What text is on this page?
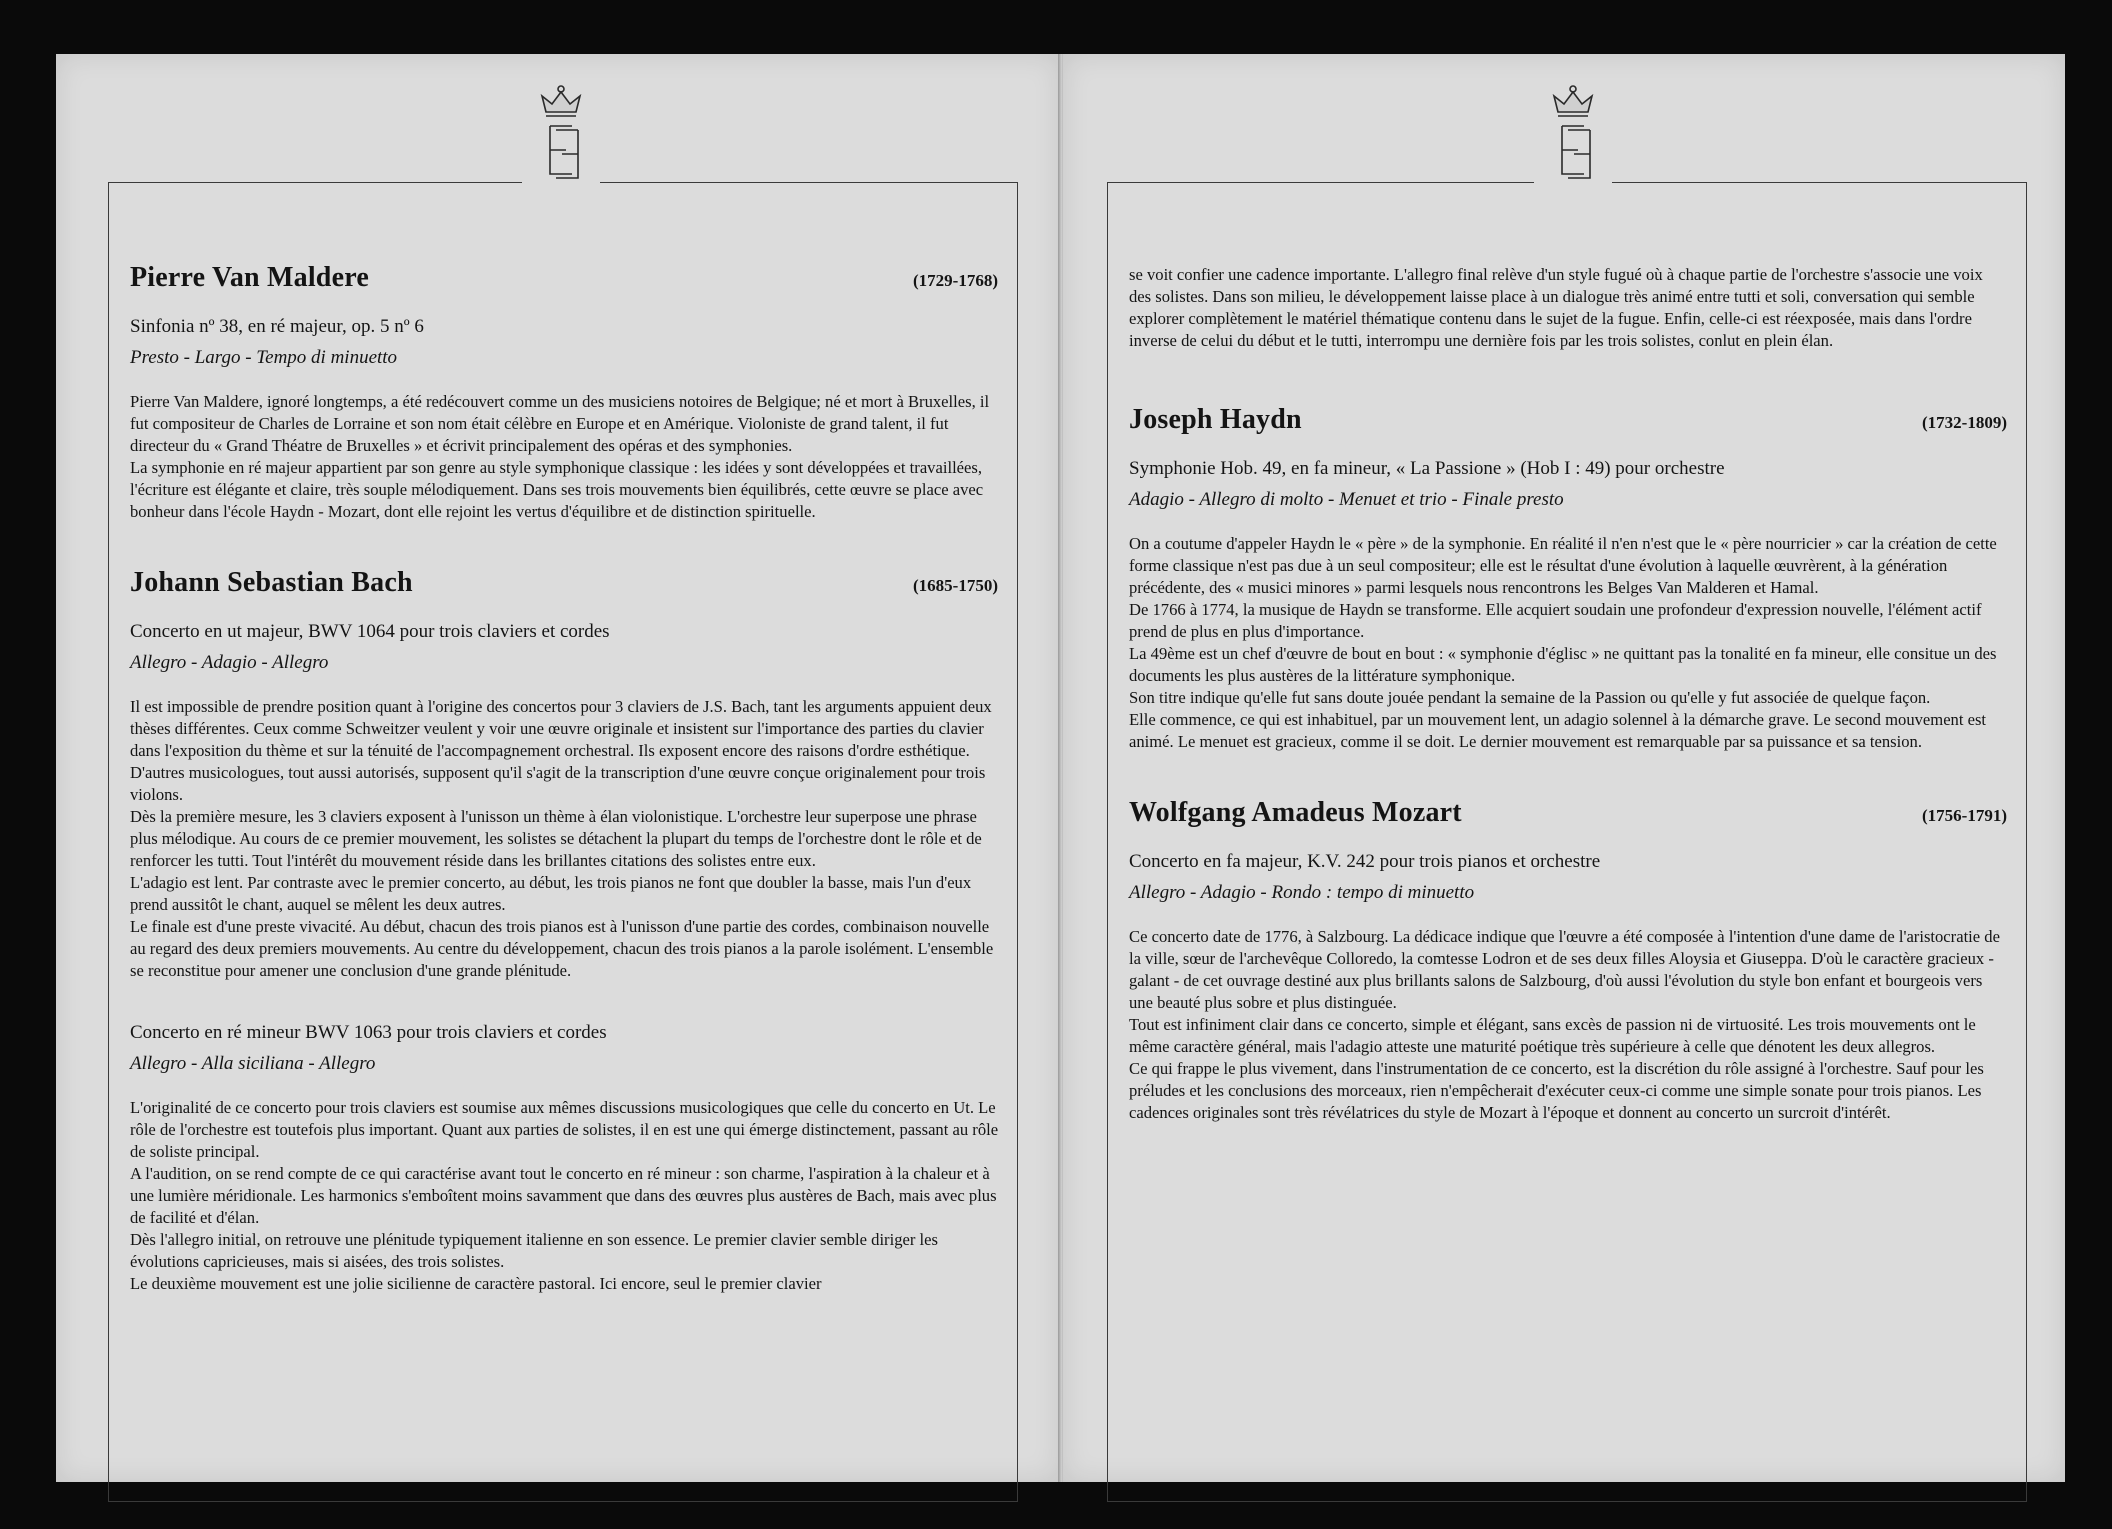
Pierre Van Maldere	(1729-1768)
Sinfonia nº 38, en ré majeur, op. 5 nº 6
Presto - Largo - Tempo di minuetto

Pierre Van Maldere, ignoré longtemps, a été redécouvert comme un des musiciens notoires de Belgique; né et mort à Bruxelles, il fut compositeur de Charles de Lorraine et son nom était célèbre en Europe et en Amérique. Violoniste de grand talent, il fut directeur du « Grand Théatre de Bruxelles » et écrivit principalement des opéras et des symphonies.

La symphonie en ré majeur appartient par son genre au style symphonique classique : les idées y sont développées et travaillées, l'écriture est élégante et claire, très souple mélodiquement. Dans ses trois mouvements bien équilibrés, cette œuvre se place avec bonheur dans l'école Haydn - Mozart, dont elle rejoint les vertus d'équilibre et de distinction spirituelle.

Johann Sebastian Bach	(1685-1750)
Concerto en ut majeur, BWV 1064 pour trois claviers et cordes
Allegro - Adagio - Allegro

Il est impossible de prendre position quant à l'origine des concertos pour 3 claviers de J.S. Bach, tant les arguments appuient deux thèses différentes. Ceux comme Schweitzer veulent y voir une œuvre originale et insistent sur l'importance des parties du clavier dans l'exposition du thème et sur la ténuité de l'accompagnement orchestral. Ils exposent encore des raisons d'ordre esthétique. D'autres musicologues, tout aussi autorisés, supposent qu'il s'agit de la transcription d'une œuvre conçue originalement pour trois violons.

Dès la première mesure, les 3 claviers exposent à l'unisson un thème à élan violonistique. L'orchestre leur superpose une phrase plus mélodique. Au cours de ce premier mouvement, les solistes se détachent la plupart du temps de l'orchestre dont le rôle et de renforcer les tutti. Tout l'intérêt du mouvement réside dans les brillantes citations des solistes entre eux.

L'adagio est lent. Par contraste avec le premier concerto, au début, les trois pianos ne font que doubler la basse, mais l'un d'eux prend aussitôt le chant, auquel se mêlent les deux autres.

Le finale est d'une preste vivacité. Au début, chacun des trois pianos est à l'unisson d'une partie des cordes, combinaison nouvelle au regard des deux premiers mouvements. Au centre du développement, chacun des trois pianos a la parole isolément. L'ensemble se reconstitue pour amener une conclusion d'une grande plénitude.

Concerto en ré mineur BWV 1063 pour trois claviers et cordes
Allegro - Alla siciliana - Allegro

L'originalité de ce concerto pour trois claviers est soumise aux mêmes discussions musicologiques que celle du concerto en Ut. Le rôle de l'orchestre est toutefois plus important. Quant aux parties de solistes, il en est une qui émerge distinctement, passant au rôle de soliste principal.

A l'audition, on se rend compte de ce qui caractérise avant tout le concerto en ré mineur : son charme, l'aspiration à la chaleur et à une lumière méridionale. Les harmonics s'emboîtent moins savamment que dans des œuvres plus austères de Bach, mais avec plus de facilité et d'élan.

Dès l'allegro initial, on retrouve une plénitude typiquement italienne en son essence. Le premier clavier semble diriger les évolutions capricieuses, mais si aisées, des trois solistes.

Le deuxième mouvement est une jolie sicilienne de caractère pastoral. Ici encore, seul le premier clavier

se voit confier une cadence importante. L'allegro final relève d'un style fugué où à chaque partie de l'orchestre s'associe une voix des solistes. Dans son milieu, le développement laisse place à un dialogue très animé entre tutti et soli, conversation qui semble explorer complètement le matériel thématique contenu dans le sujet de la fugue. Enfin, celle-ci est réexposée, mais dans l'ordre inverse de celui du début et le tutti, interrompu une dernière fois par les trois solistes, conlut en plein élan.

Joseph Haydn	(1732-1809)
Symphonie Hob. 49, en fa mineur, « La Passione » (Hob I : 49) pour orchestre
Adagio - Allegro di molto - Menuet et trio - Finale presto

On a coutume d'appeler Haydn le « père » de la symphonie. En réalité il n'en n'est que le « père nourricier » car la création de cette forme classique n'est pas due à un seul compositeur; elle est le résultat d'une évolution à laquelle œuvrèrent, à la génération précédente, des « musici minores » parmi lesquels nous rencontrons les Belges Van Malderen et Hamal.

De 1766 à 1774, la musique de Haydn se transforme. Elle acquiert soudain une profondeur d'expression nouvelle, l'élément actif prend de plus en plus d'importance.

La 49ème est un chef d'œuvre de bout en bout : « symphonie d'églisc » ne quittant pas la tonalité en fa mineur, elle consitue un des documents les plus austères de la littérature symphonique.

Son titre indique qu'elle fut sans doute jouée pendant la semaine de la Passion ou qu'elle y fut associée de quelque façon.

Elle commence, ce qui est inhabituel, par un mouvement lent, un adagio solennel à la démarche grave. Le second mouvement est animé. Le menuet est gracieux, comme il se doit. Le dernier mouvement est remarquable par sa puissance et sa tension.

Wolfgang Amadeus Mozart	(1756-1791)
Concerto en fa majeur, K.V. 242 pour trois pianos et orchestre
Allegro - Adagio - Rondo : tempo di minuetto

Ce concerto date de 1776, à Salzbourg. La dédicace indique que l'œuvre a été composée à l'intention d'une dame de l'aristocratie de la ville, sœur de l'archevêque Colloredo, la comtesse Lodron et de ses deux filles Aloysia et Giuseppa. D'où le caractère gracieux - galant - de cet ouvrage destiné aux plus brillants salons de Salzbourg, d'où aussi l'évolution du style bon enfant et bourgeois vers une beauté plus sobre et plus distinguée.

Tout est infiniment clair dans ce concerto, simple et élégant, sans excès de passion ni de virtuosité. Les trois mouvements ont le même caractère général, mais l'adagio atteste une maturité poétique très supérieure à celle que dénotent les deux allegros.

Ce qui frappe le plus vivement, dans l'instrumentation de ce concerto, est la discrétion du rôle assigné à l'orchestre. Sauf pour les préludes et les conclusions des morceaux, rien n'empêcherait d'exécuter ceux-ci comme une simple sonate pour trois pianos. Les cadences originales sont très révélatrices du style de Mozart à l'époque et donnent au concerto un surcroit d'intérêt.
